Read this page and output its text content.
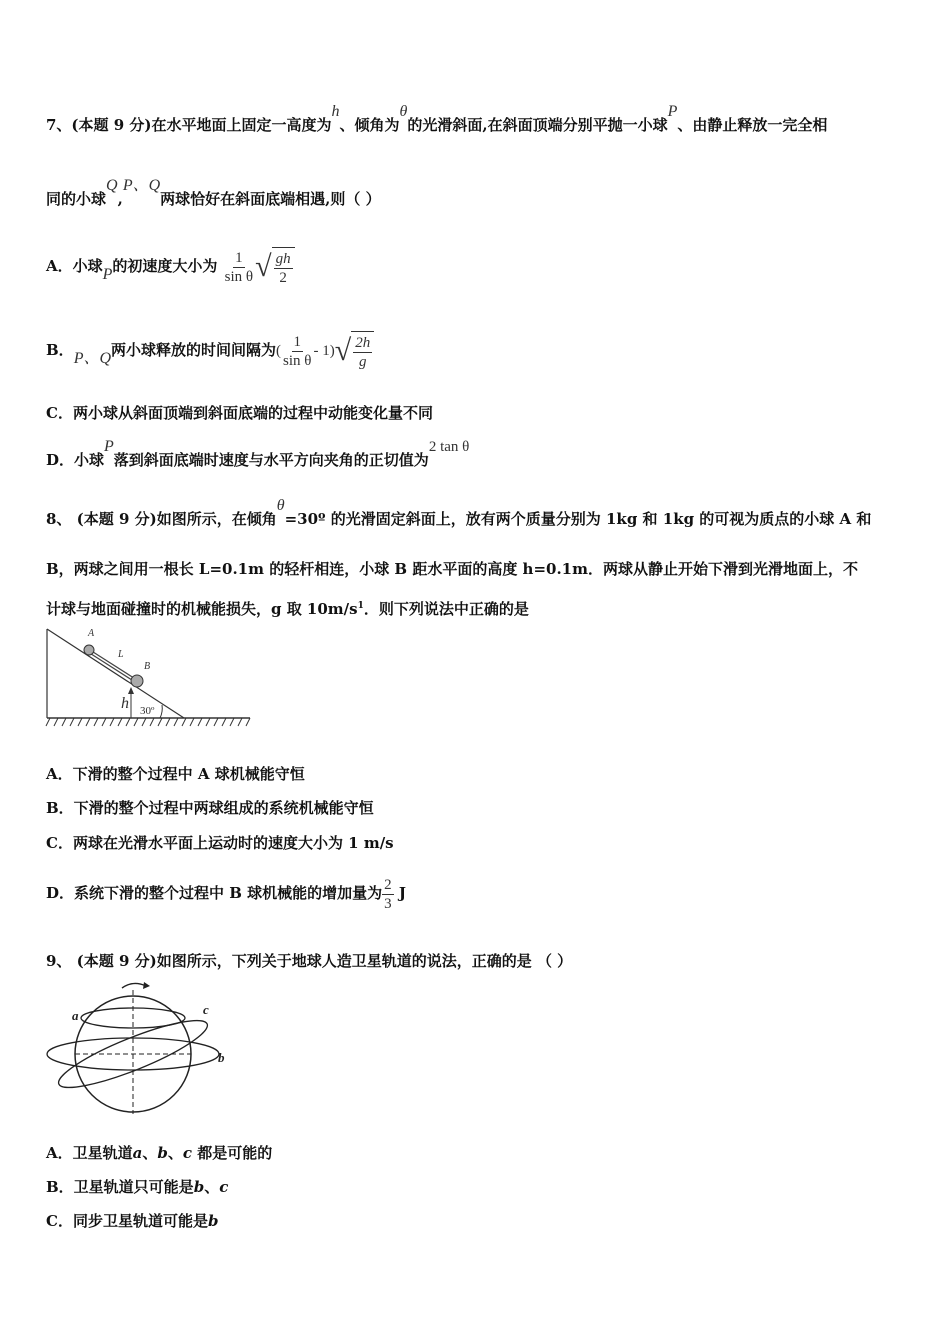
7、(本题 9 分)在水平地面上固定一高度为h、倾角为θ的光滑斜面,在斜面顶端分别平抛一小球P、由静止释放一完全相
同的小球Q,P、Q两球恰好在斜面底端相遇,则（ ）
A．小球P的初速度大小为 $\frac{1}{\text{sin θ}}$ √ $\frac{gh}{2}$
B．P、Q两小球释放的时间间隔为( $\frac{1}{\text{sin θ}} - 1$) √ $\frac{2h}{g}$
C．两小球从斜面顶端到斜面底端的过程中动能变化量不同
D．小球P落到斜面底端时速度与水平方向夹角的正切值为2 tan θ
8、 (本题 9 分)如图所示，在倾角θ=30º 的光滑固定斜面上，放有两个质量分别为 1kg 和 1kg 的可视为质点的小球 A 和
B，两球之间用一根长 L=0.1m 的轻杆相连，小球 B 距水平面的高度 h=0.1m．两球从静止开始下滑到光滑地面上，不
计球与地面碰撞时的机械能损失，g 取 $10m/s^1$．则下列说法中正确的是
A
L
B
h 30º
A．下滑的整个过程中 A 球机械能守恒
B．下滑的整个过程中两球组成的系统机械能守恒
C．两球在光滑水平面上运动时的速度大小为 1 m/s
D．系统下滑的整个过程中 B 球机械能的增加量为 $\frac{2}{3}$ J
9、 (本题 9 分)如图所示，下列关于地球人造卫星轨道的说法，正确的是 （ ）
a
b
c
A．卫星轨道a、b、c 都是可能的
B．卫星轨道只可能是b、c
C．同步卫星轨道可能是b
